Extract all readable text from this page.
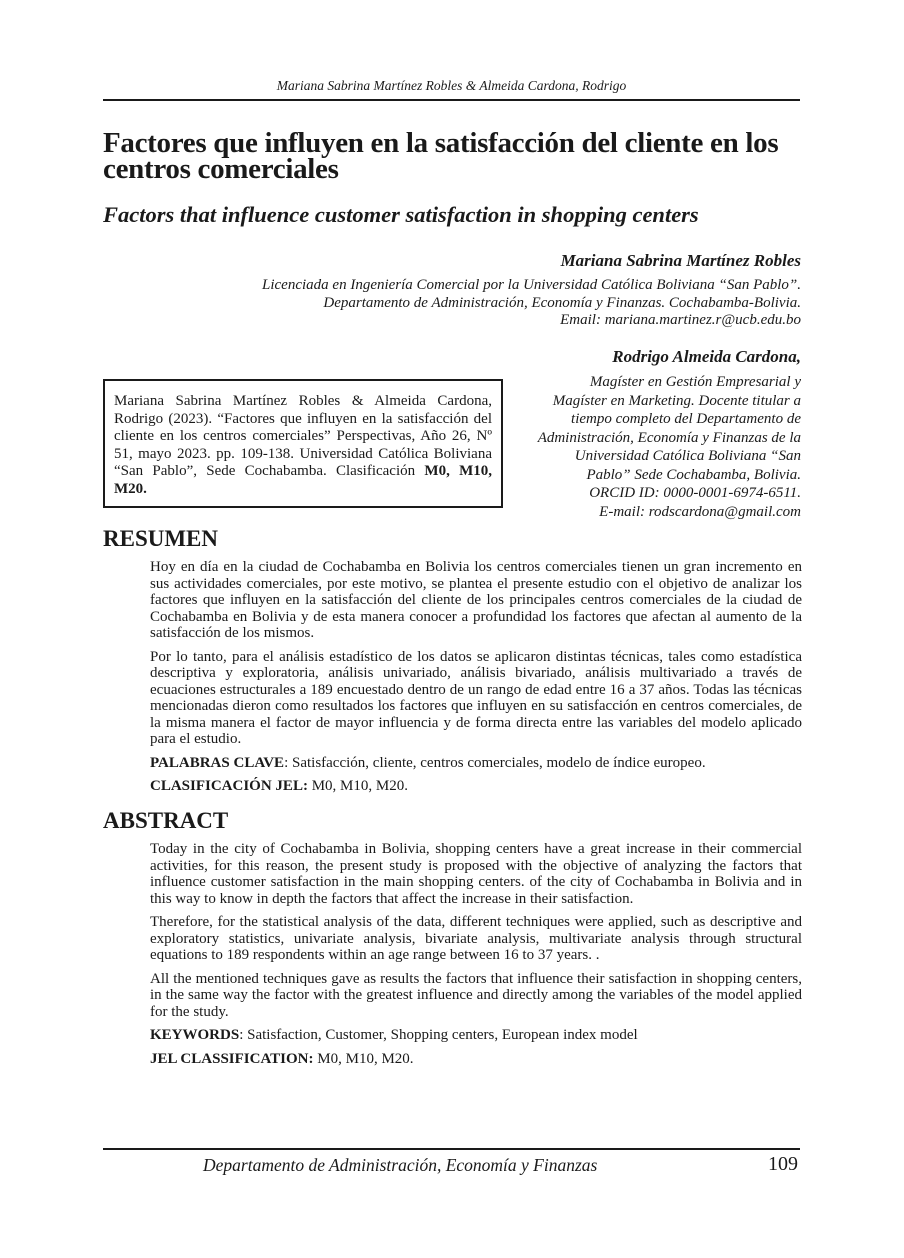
Mariana Sabrina Martínez Robles & Almeida Cardona, Rodrigo
Factores que influyen en la satisfacción del cliente en los centros comerciales
Factors that influence customer satisfaction in shopping centers
Mariana Sabrina Martínez Robles
Licenciada en Ingeniería Comercial por la Universidad Católica Boliviana “San Pablo”.
Departamento de Administración, Economía y Finanzas. Cochabamba-Bolivia.
Email: mariana.martinez.r@ucb.edu.bo
Rodrigo Almeida Cardona,
Magíster en Gestión Empresarial y
Magíster en Marketing. Docente titular a
tiempo completo del Departamento de
Administración, Economía y Finanzas de la
Universidad Católica Boliviana “San
Pablo” Sede Cochabamba, Bolivia.
ORCID ID: 0000-0001-6974-6511.
E-mail: rodscardona@gmail.com
Mariana Sabrina Martínez Robles & Almeida Cardona, Rodrigo (2023). “Factores que influyen en la satisfacción del cliente en los centros comerciales” Perspectivas, Año 26, Nº 51, mayo 2023. pp. 109-138. Universidad Católica Boliviana “San Pablo”, Sede Cochabamba. Clasificación M0, M10, M20.
RESUMEN

Hoy en día en la ciudad de Cochabamba en Bolivia los centros comerciales tienen un gran incremento en sus actividades comerciales, por este motivo, se plantea el presente estudio con el objetivo de analizar los factores que influyen en la satisfacción del cliente de los principales centros comerciales de la ciudad de Cochabamba en Bolivia y de esta manera conocer a profundidad los factores que afectan al aumento de la satisfacción de los mismos.

Por lo tanto, para el análisis estadístico de los datos se aplicaron distintas técnicas, tales como estadística descriptiva y exploratoria, análisis univariado, análisis bivariado, análisis multivariado a través de ecuaciones estructurales a 189 encuestado dentro de un rango de edad entre 16 a 37 años. Todas las técnicas mencionadas dieron como resultados los factores que influyen en su satisfacción en centros comerciales, de la misma manera el factor de mayor influencia y de forma directa entre las variables del modelo aplicado para el estudio.

PALABRAS CLAVE: Satisfacción, cliente, centros comerciales, modelo de índice europeo.

CLASIFICACIÓN JEL: M0, M10, M20.

ABSTRACT

Today in the city of Cochabamba in Bolivia, shopping centers have a great increase in their commercial activities, for this reason, the present study is proposed with the objective of analyzing the factors that influence customer satisfaction in the main shopping centers. of the city of Cochabamba in Bolivia and in this way to know in depth the factors that affect the increase in their satisfaction.

Therefore, for the statistical analysis of the data, different techniques were applied, such as descriptive and exploratory statistics, univariate analysis, bivariate analysis, multivariate analysis through structural equations to 189 respondents within an age range between 16 to 37 years. .

All the mentioned techniques gave as results the factors that influence their satisfaction in shopping centers, in the same way the factor with the greatest influence and directly among the variables of the model applied for the study.

KEYWORDS: Satisfaction, Customer, Shopping centers, European index model

JEL CLASSIFICATION: M0, M10, M20.

Departamento de Administración, Economía y Finanzas	109
